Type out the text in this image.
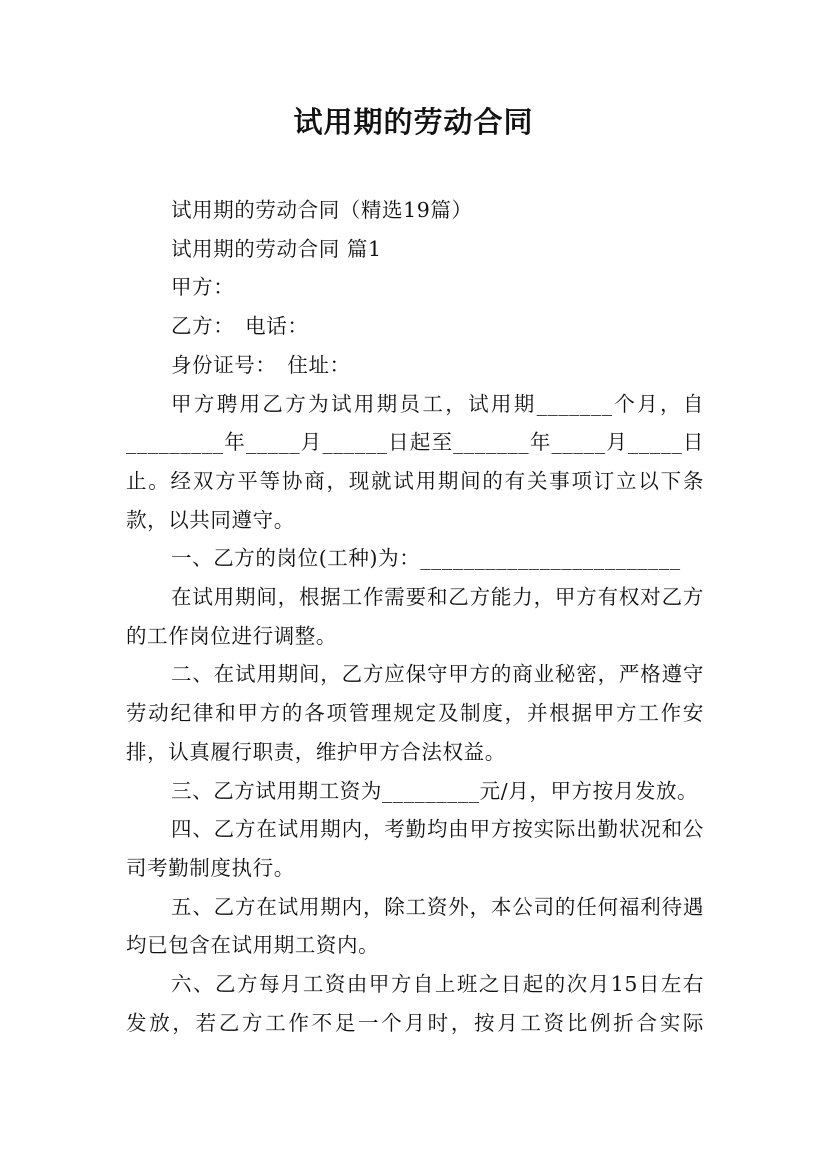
试用期的劳动合同

试用期的劳动合同（精选19篇）

试用期的劳动合同 篇1

甲方：

乙方：　电话：

身份证号：　住址：

甲方聘用乙方为试用期员工，试用期_______个月，自_________年_____月______日起至_______年_____月_____日止。经双方平等协商，现就试用期间的有关事项订立以下条款，以共同遵守。

一、乙方的岗位(工种)为：________________________

在试用期间，根据工作需要和乙方能力，甲方有权对乙方的工作岗位进行调整。

二、在试用期间，乙方应保守甲方的商业秘密，严格遵守劳动纪律和甲方的各项管理规定及制度，并根据甲方工作安排，认真履行职责，维护甲方合法权益。

三、乙方试用期工资为_________元/月，甲方按月发放。

四、乙方在试用期内，考勤均由甲方按实际出勤状况和公司考勤制度执行。

五、乙方在试用期内，除工资外，本公司的任何福利待遇均已包含在试用期工资内。

六、乙方每月工资由甲方自上班之日起的次月15日左右发放，若乙方工作不足一个月时，按月工资比例折合实际
